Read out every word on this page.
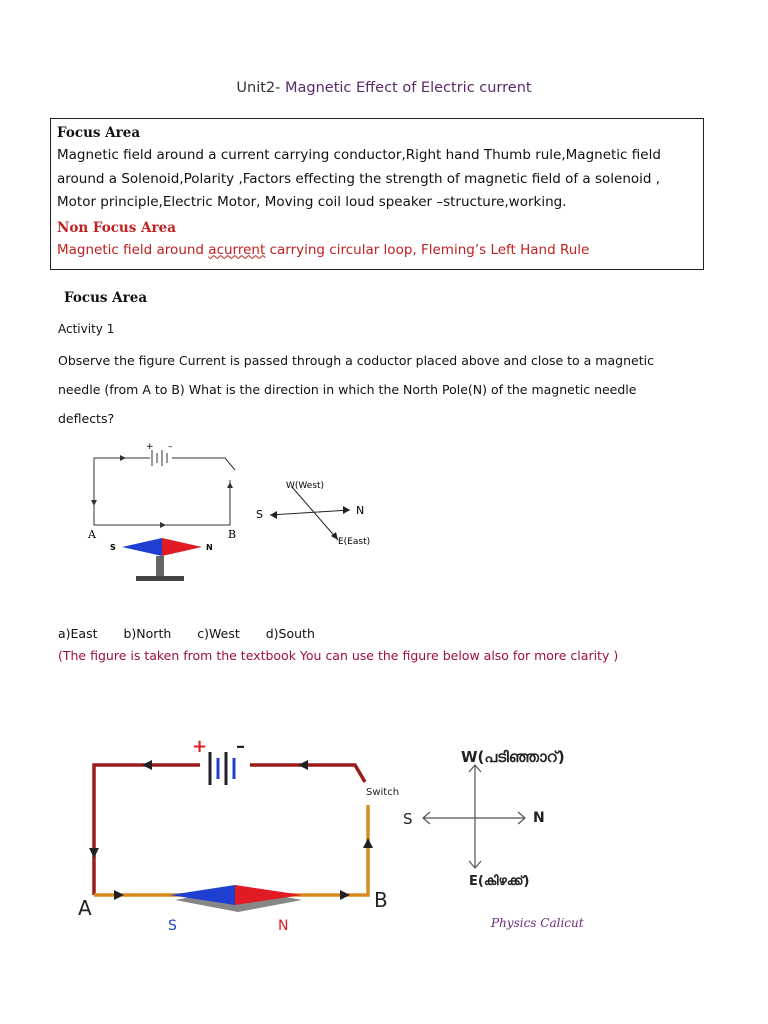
Unit2- Magnetic Effect of Electric current
Focus Area
Magnetic field around a current carrying conductor,Right hand Thumb rule,Magnetic field
around a Solenoid,Polarity ,Factors effecting the strength of magnetic field of a solenoid ,
Motor principle,Electric Motor, Moving coil loud speaker –structure,working.
Non Focus Area
Magnetic field around acurrent carrying circular loop, Fleming’s Left Hand Rule
Focus Area
Activity 1
Observe the figure Current is passed through a coductor placed above and close to a magnetic
needle (from A to B) What is the direction in which the North Pole(N) of the magnetic needle
deflects?
+ –
A	B
S	N
W(West)
S	N
E(East)
a)East b)North c)West d)South
(The figure is taken from the textbook You can use the figure below also for more clarity )
+ –
Switch
A	B
S	N
W(പടിഞ്ഞാറ്)
S	N
E(കിഴക്ക്)
Physics Calicut
